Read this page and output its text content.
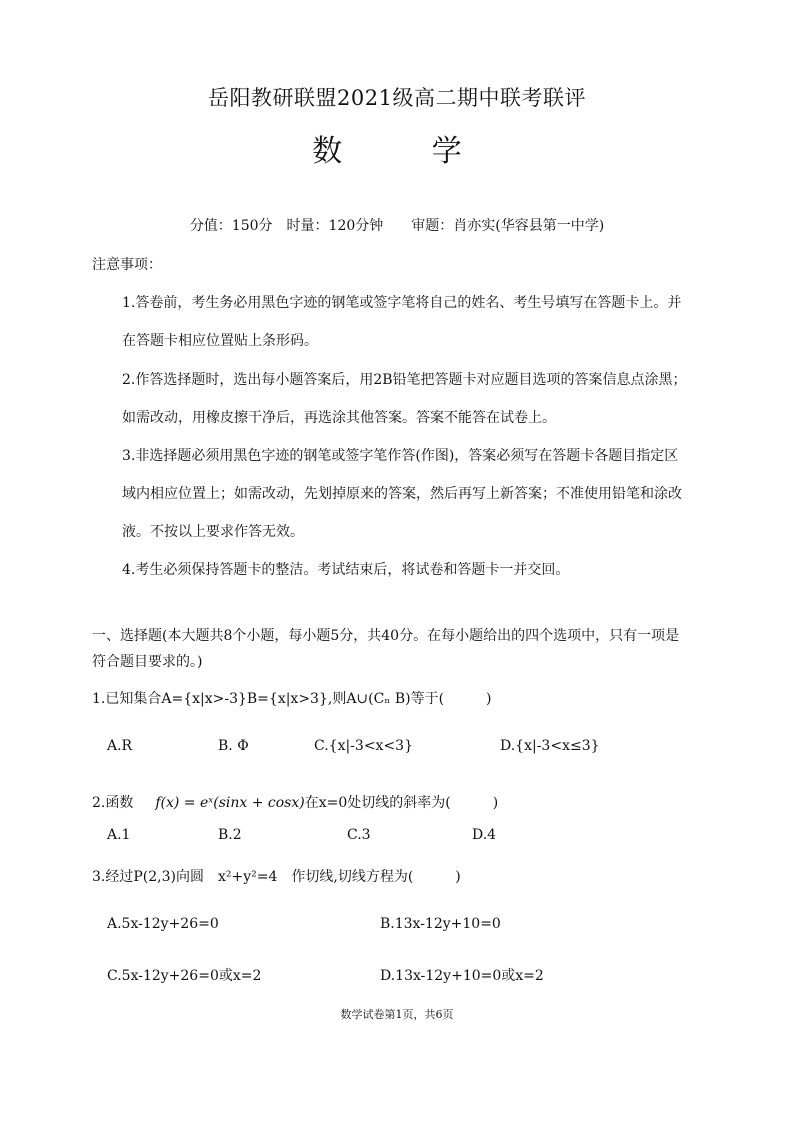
岳阳教研联盟2021级高二期中联考联评
数 学
分值：150分　时量：120分钟　　审题：肖亦实(华容县第一中学)
注意事项：
1.答卷前，考生务必用黑色字迹的钢笔或签字笔将自己的姓名、考生号填写在答题卡上。并
在答题卡相应位置贴上条形码。
2.作答选择题时，选出每小题答案后，用2B铅笔把答题卡对应题目选项的答案信息点涂黑；
如需改动，用橡皮擦干净后，再选涂其他答案。答案不能答在试卷上。
3.非选择题必须用黑色字迹的钢笔或签字笔作答(作图)，答案必须写在答题卡各题目指定区
域内相应位置上；如需改动，先划掉原来的答案，然后再写上新答案；不准使用铅笔和涂改
液。不按以上要求作答无效。
4.考生必须保持答题卡的整洁。考试结束后，将试卷和答题卡一并交回。
一、选择题(本大题共8个小题，每小题5分，共40分。在每小题给出的四个选项中，只有一项是
符合题目要求的。)
1.已知集合A={x|x>-3}B={x|x>3},则A∪(Cₙ B)等于(　　　)
A.R	B. Φ	C.{x|-3<x<3}	D.{x|-3<x≤3}
2.函数 f(x) = eˣ(sinx + cosx)在x=0处切线的斜率为(　　　)
A.1	B.2	C.3	D.4
3.经过P(2,3)向圆　x²+y²=4　作切线,切线方程为(　　　)
A.5x-12y+26=0	B.13x-12y+10=0
C.5x-12y+26=0或x=2	D.13x-12y+10=0或x=2
数学试卷第1页，共6页
